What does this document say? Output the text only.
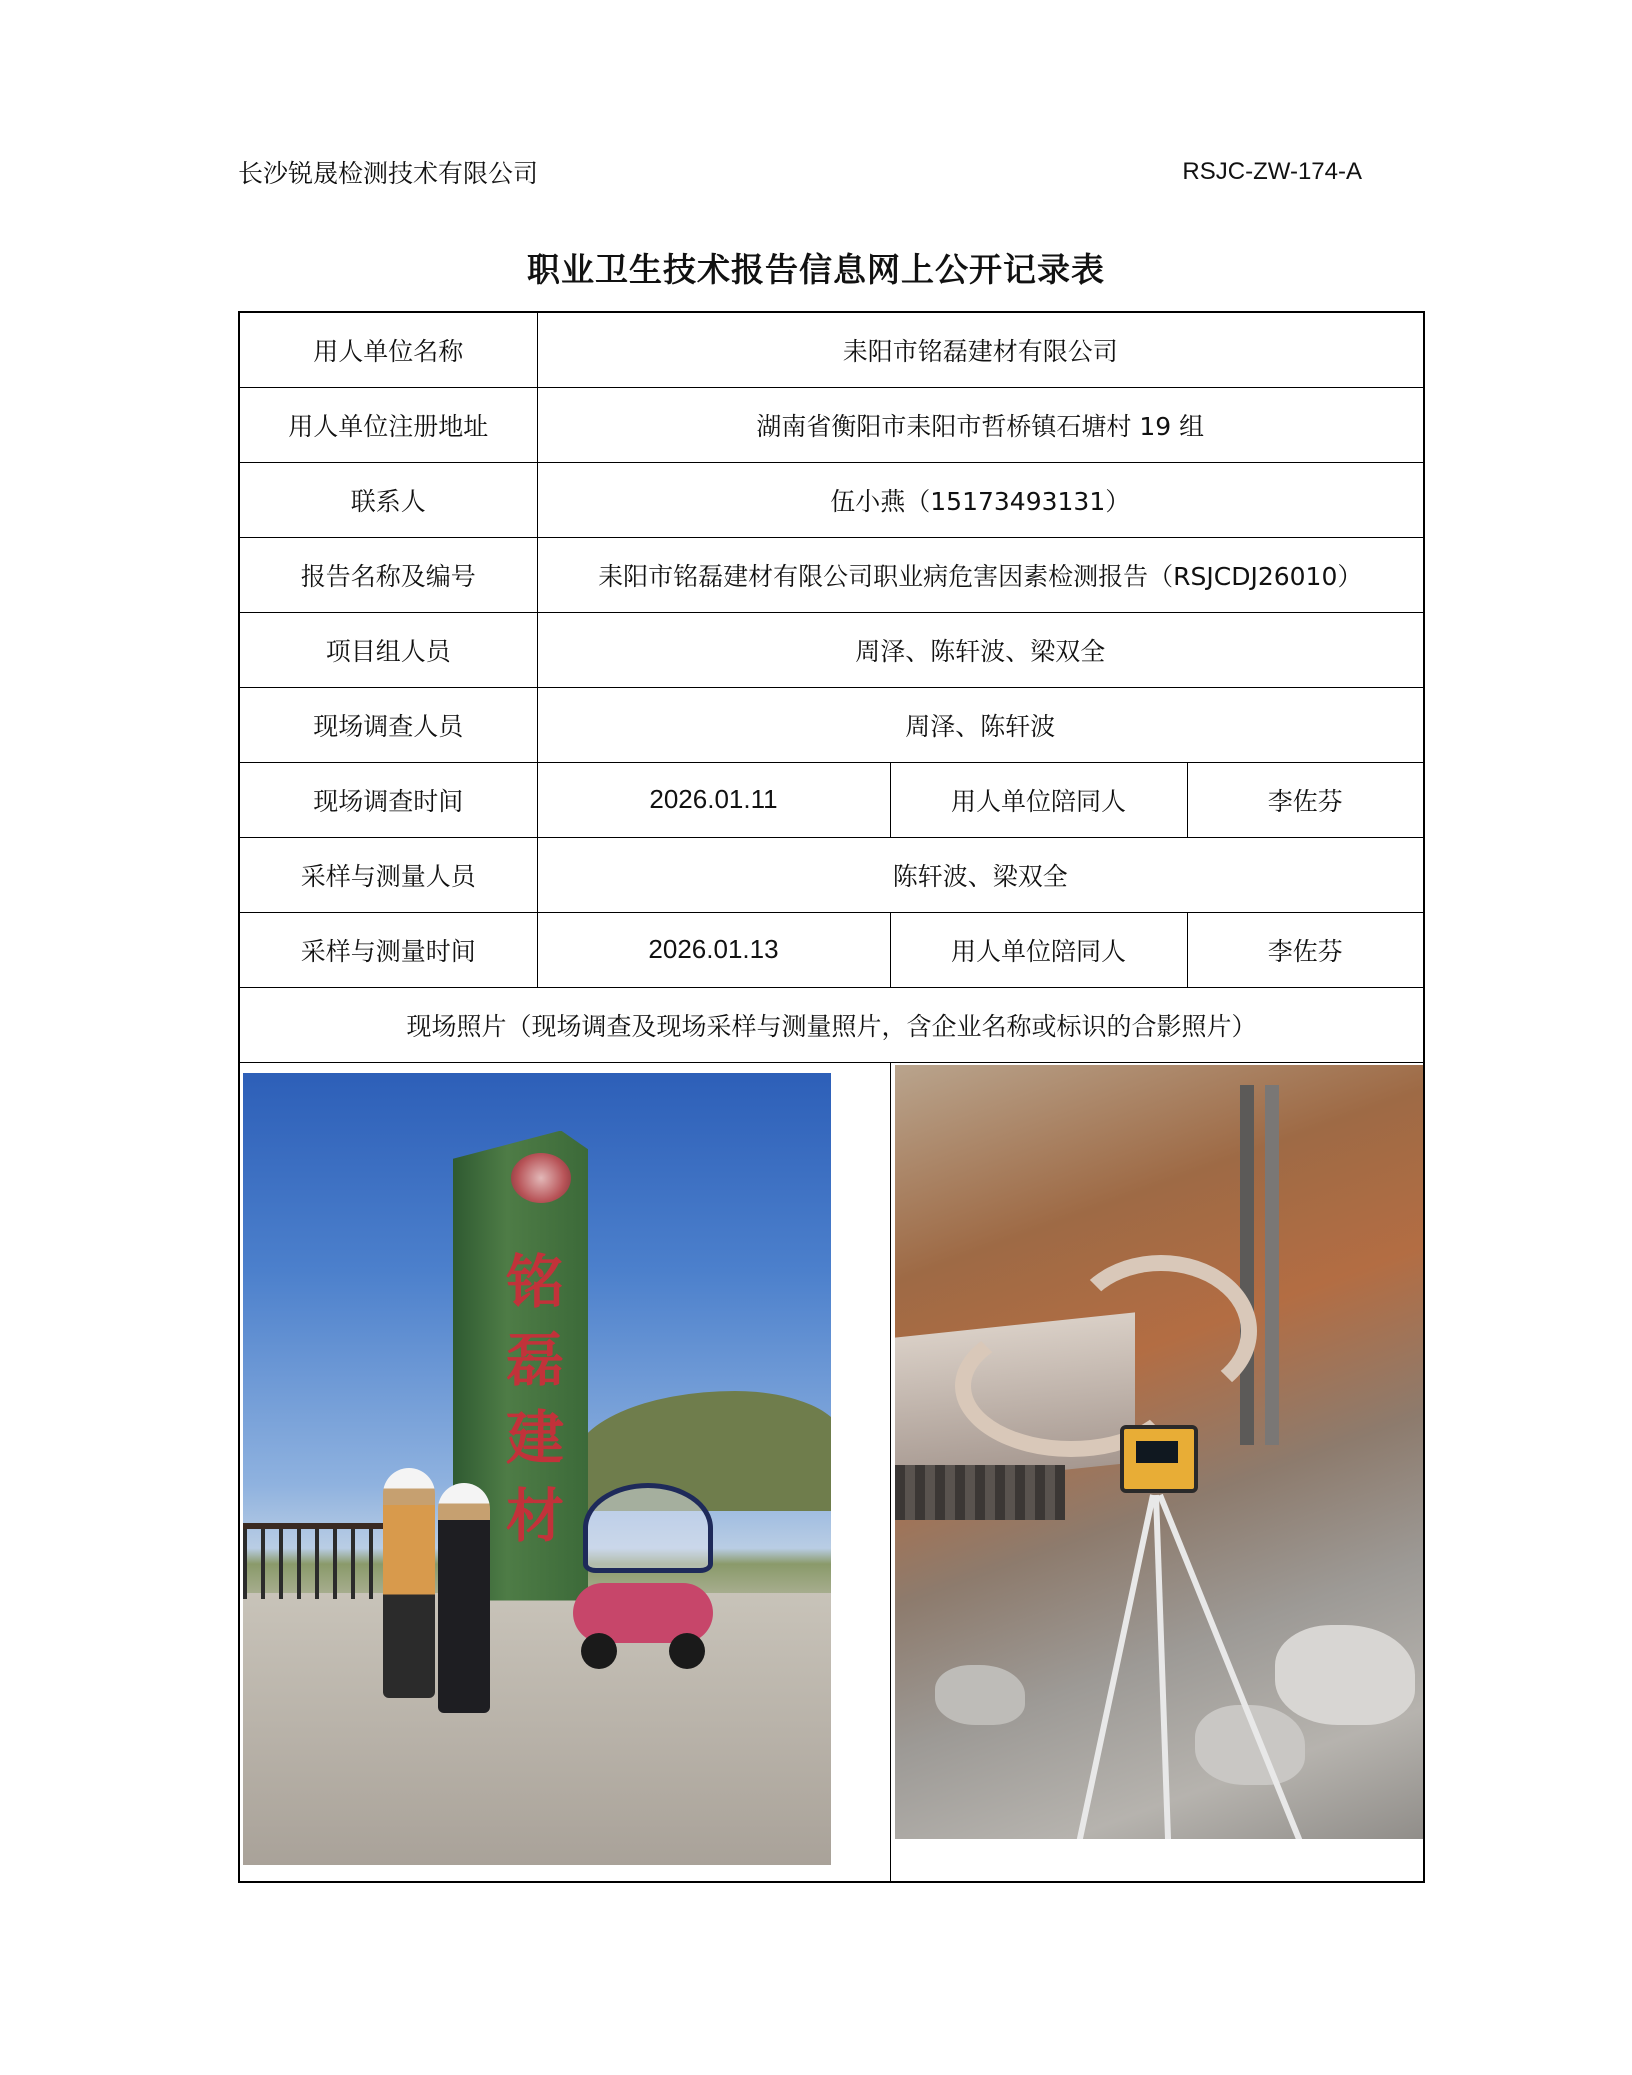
长沙锐晟检测技术有限公司	RSJC-ZW-174-A
职业卫生技术报告信息网上公开记录表
用人单位名称	耒阳市铭磊建材有限公司		
用人单位注册地址	湖南省衡阳市耒阳市哲桥镇石塘村 19 组		
联系人	伍小燕（15173493131）		
报告名称及编号	耒阳市铭磊建材有限公司职业病危害因素检测报告（RSJCDJ26010）		
项目组人员	周泽、陈轩波、梁双全		
现场调查人员	周泽、陈轩波		
现场调查时间	2026.01.11	用人单位陪同人	李佐芬
采样与测量人员	陈轩波、梁双全		
采样与测量时间	2026.01.13	用人单位陪同人	李佐芬
现场照片（现场调查及现场采样与测量照片，含企业名称或标识的合影照片）			

铭
磊
建
材			
